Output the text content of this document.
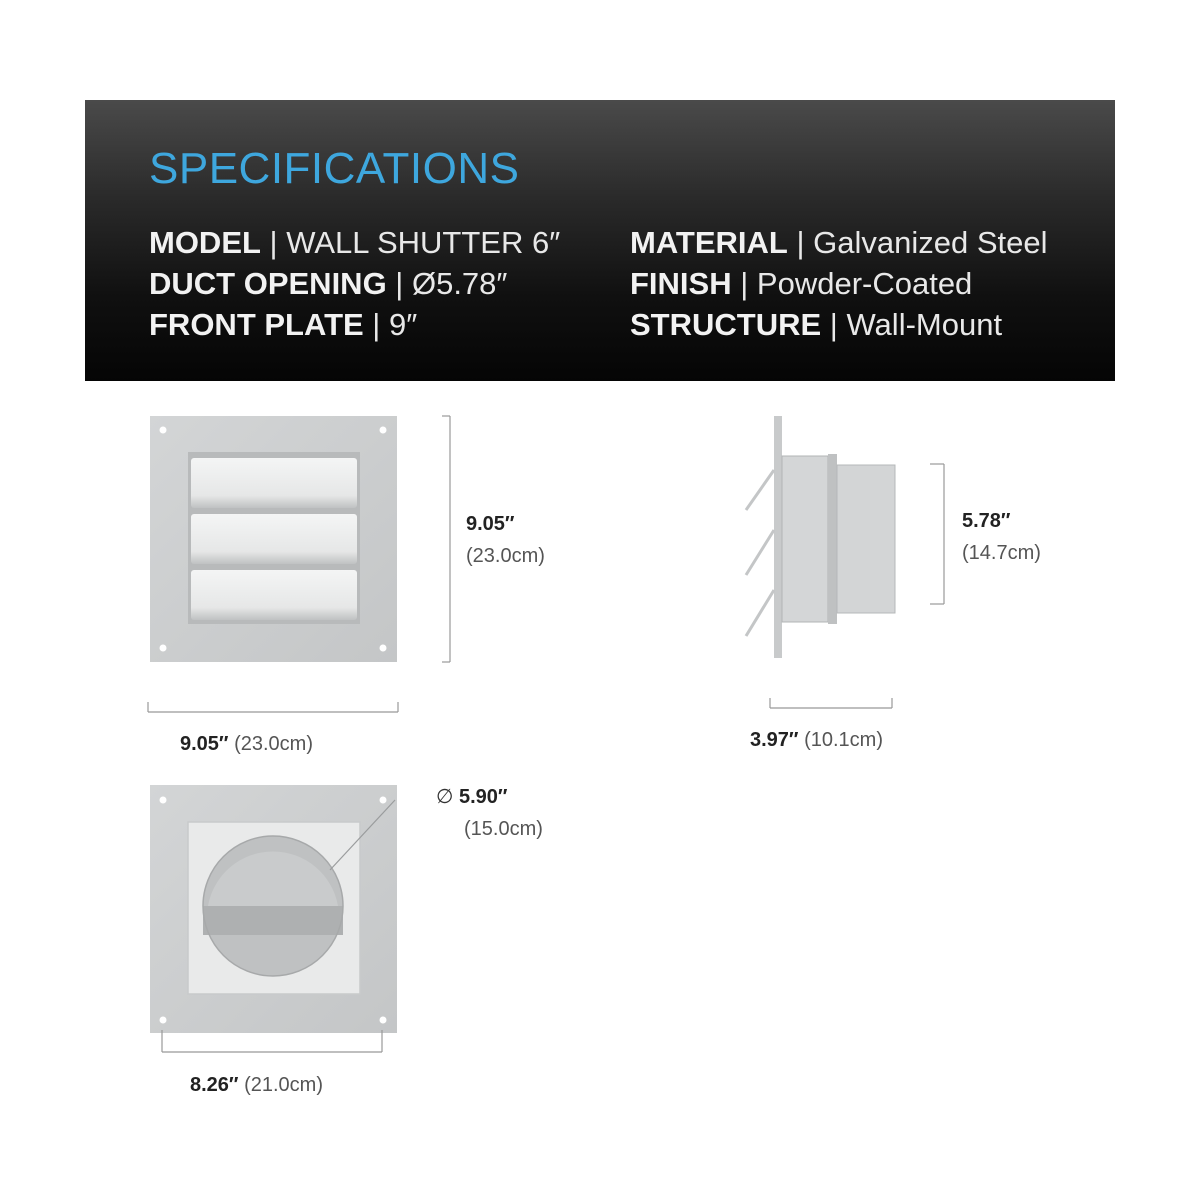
SPECIFICATIONS
MODEL | WALL SHUTTER 6″
DUCT OPENING | Ø5.78″
FRONT PLATE | 9″
MATERIAL | Galvanized Steel
FINISH | Powder-Coated
STRUCTURE | Wall-Mount
9.05″
(23.0cm)
9.05″ (23.0cm)
5.78″
(14.7cm)
3.97″ (10.1cm)
∅ 5.90″
(15.0cm)
8.26″ (21.0cm)
